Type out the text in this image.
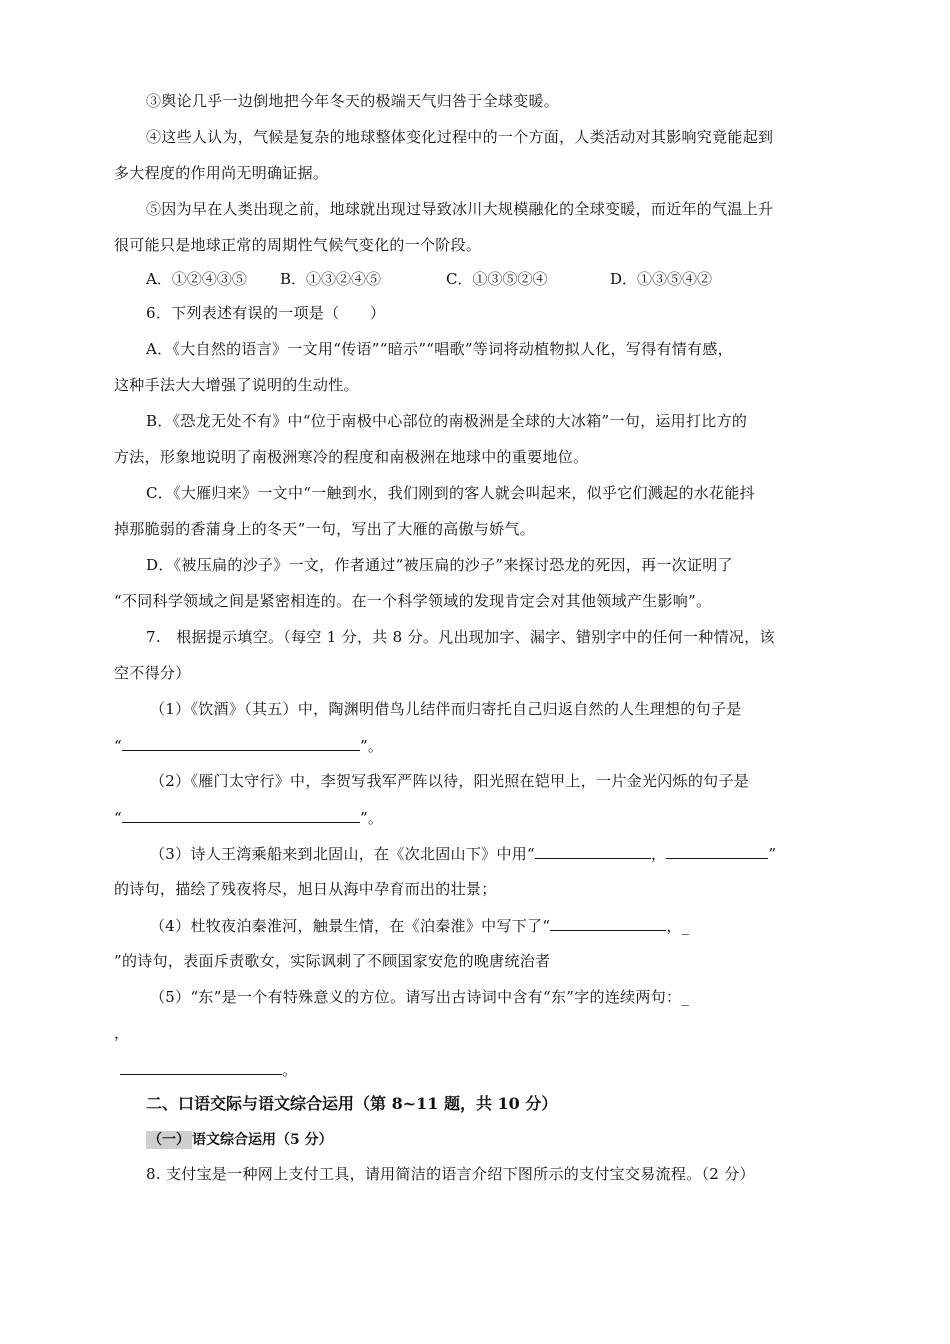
③舆论几乎一边倒地把今年冬天的极端天气归咎于全球变暖。
④这些人认为，气候是复杂的地球整体变化过程中的一个方面，人类活动对其影响究竟能起到
多大程度的作用尚无明确证据。
⑤因为早在人类出现之前，地球就出现过导致冰川大规模融化的全球变暖，而近年的气温上升
很可能只是地球正常的周期性气候气变化的一个阶段。
A．①②④③⑤ B．①③②④⑤	C．①③⑤②④	D．①③⑤④②
6．下列表述有误的一项是（　　）
A．《大自然的语言》一文用“传语”“暗示”“唱歌”等词将动植物拟人化，写得有情有感，
这种手法大大增强了说明的生动性。
B．《恐龙无处不有》中“位于南极中心部位的南极洲是全球的大冰箱”一句，运用打比方的
方法，形象地说明了南极洲寒冷的程度和南极洲在地球中的重要地位。
C．《大雁归来》一文中“一触到水，我们刚到的客人就会叫起来，似乎它们溅起的水花能抖
掉那脆弱的香蒲身上的冬天”一句，写出了大雁的高傲与娇气。
D．《被压扁的沙子》一文，作者通过“被压扁的沙子”来探讨恐龙的死因，再一次证明了
“不同科学领域之间是紧密相连的。在一个科学领域的发现肯定会对其他领域产生影响”。
7.　根据提示填空。（每空 1 分，共 8 分。凡出现加字、漏字、错别字中的任何一种情况，该
空不得分）
（1）《饮酒》（其五）中，陶渊明借鸟儿结伴而归寄托自己归返自然的人生理想的句子是
“	”。
（2）《雁门太守行》中，李贺写我军严阵以待，阳光照在铠甲上，一片金光闪烁的句子是
“	”。
（3）诗人王湾乘船来到北固山，在《次北固山下》中用“	，	”
的诗句，描绘了残夜将尽，旭日从海中孕育而出的壮景；
（4）杜牧夜泊秦淮河，触景生情，在《泊秦淮》中写下了“	，_
”的诗句，表面斥责歌女，实际讽刺了不顾国家安危的晚唐统治者
（5）“东”是一个有特殊意义的方位。请写出古诗词中含有“东”字的连续两句：_
，
。
二、口语交际与语文综合运用（第 8~11 题，共 10 分）
（一） 语文综合运用（5 分）
8. 支付宝是一种网上支付工具，请用简洁的语言介绍下图所示的支付宝交易流程。（2 分）
